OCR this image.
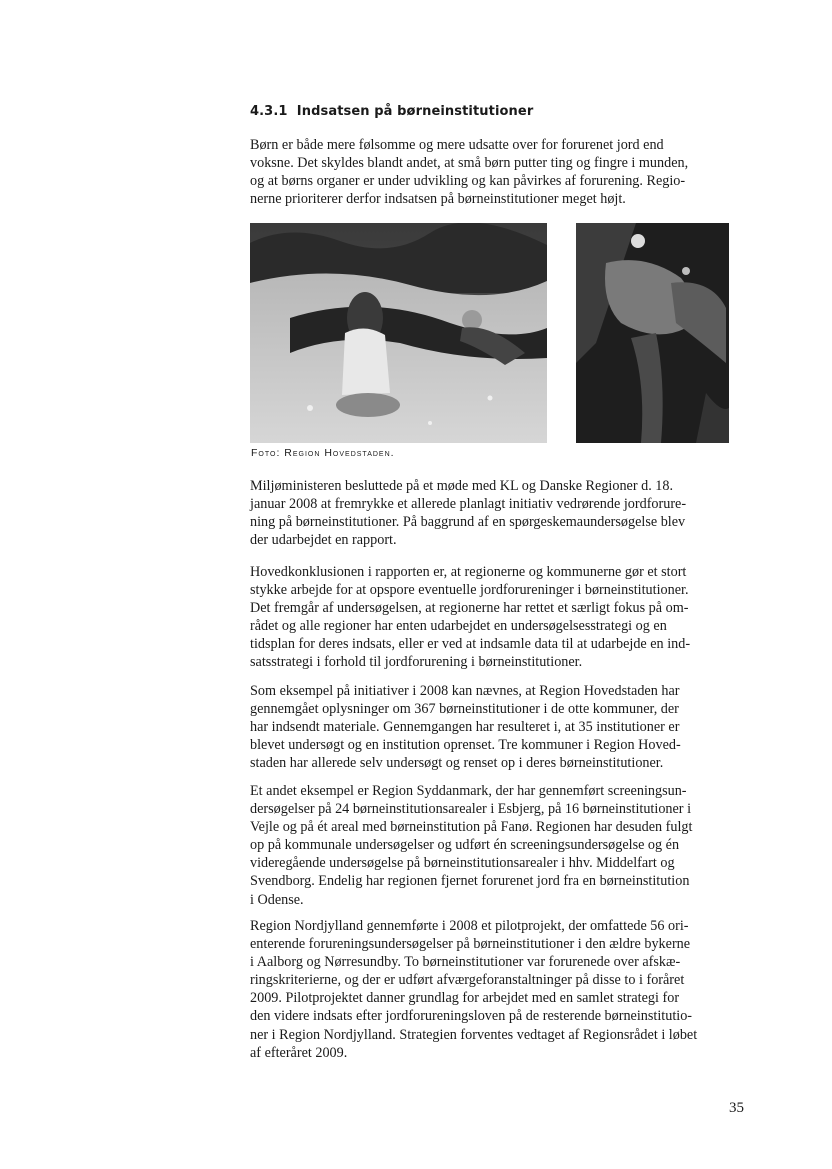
4.3.1 Indsatsen på børneinstitutioner

Børn er både mere følsomme og mere udsatte over for forurenet jord end
voksne. Det skyldes blandt andet, at små børn putter ting og fingre i munden,
og at børns organer er under udvikling og kan påvirkes af forurening. Regio-
nerne prioriterer derfor indsatsen på børneinstitutioner meget højt.

Foto: Region Hovedstaden.

Miljøministeren besluttede på et møde med KL og Danske Regioner d. 18.
januar 2008 at fremrykke et allerede planlagt initiativ vedrørende jordforure-
ning på børneinstitutioner. På baggrund af en spørgeskemaundersøgelse blev
der udarbejdet en rapport.

Hovedkonklusionen i rapporten er, at regionerne og kommunerne gør et stort
stykke arbejde for at opspore eventuelle jordforureninger i børneinstitutioner.
Det fremgår af undersøgelsen, at regionerne har rettet et særligt fokus på om-
rådet og alle regioner har enten udarbejdet en undersøgelsesstrategi og en
tidsplan for deres indsats, eller er ved at indsamle data til at udarbejde en ind-
satsstrategi i forhold til jordforurening i børneinstitutioner.

Som eksempel på initiativer i 2008 kan nævnes, at Region Hovedstaden har
gennemgået oplysninger om 367 børneinstitutioner i de otte kommuner, der
har indsendt materiale. Gennemgangen har resulteret i, at 35 institutioner er
blevet undersøgt og en institution oprenset. Tre kommuner i Region Hoved-
staden har allerede selv undersøgt og renset op i deres børneinstitutioner.

Et andet eksempel er Region Syddanmark, der har gennemført screeningsun-
dersøgelser på 24 børneinstitutionsarealer i Esbjerg, på 16 børneinstitutioner i
Vejle og på ét areal med børneinstitution på Fanø. Regionen har desuden fulgt
op på kommunale undersøgelser og udført én screeningsundersøgelse og én
videregående undersøgelse på børneinstitutionsarealer i hhv. Middelfart og
Svendborg. Endelig har regionen fjernet forurenet jord fra en børneinstitution
i Odense.

Region Nordjylland gennemførte i 2008 et pilotprojekt, der omfattede 56 ori-
enterende forureningsundersøgelser på børneinstitutioner i den ældre bykerne
i Aalborg og Nørresundby. To børneinstitutioner var forurenede over afskæ-
ringskriterierne, og der er udført afværgeforanstaltninger på disse to i foråret
2009. Pilotprojektet danner grundlag for arbejdet med en samlet strategi for
den videre indsats efter jordforureningsloven på de resterende børneinstitutio-
ner i Region Nordjylland. Strategien forventes vedtaget af Regionsrådet i løbet
af efteråret 2009.

35
